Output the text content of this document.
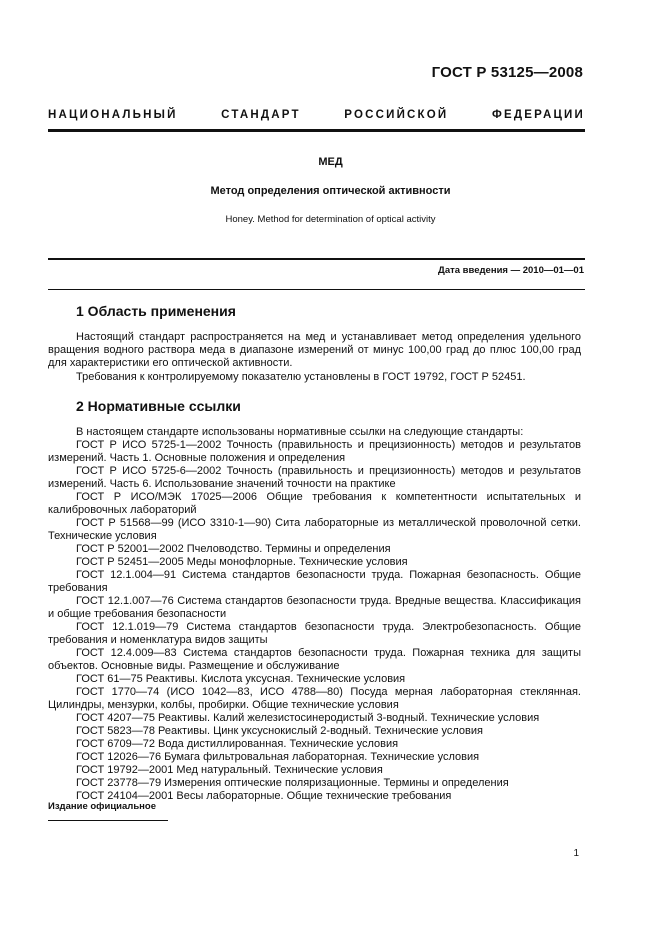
ГОСТ Р 53125—2008
НАЦИОНАЛЬНЫЙ СТАНДАРТ РОССИЙСКОЙ ФЕДЕРАЦИИ
МЕД
Метод определения оптической активности
Honey. Method for determination of optical activity
Дата введения — 2010—01—01
1 Область применения

Настоящий стандарт распространяется на мед и устанавливает метод определения удельного вращения водного раствора меда в диапазоне измерений от минус 100,00 град до плюс 100,00 град для характеристики его оптической активности.

Требования к контролируемому показателю установлены в ГОСТ 19792, ГОСТ Р 52451.

2 Нормативные ссылки

В настоящем стандарте использованы нормативные ссылки на следующие стандарты:

ГОСТ Р ИСО 5725-1—2002 Точность (правильность и прецизионность) методов и результатов измерений. Часть 1. Основные положения и определения
ГОСТ Р ИСО 5725-6—2002 Точность (правильность и прецизионность) методов и результатов измерений. Часть 6. Использование значений точности на практике
ГОСТ Р ИСО/МЭК 17025—2006 Общие требования к компетентности испытательных и калибровочных лабораторий
ГОСТ Р 51568—99 (ИСО 3310-1—90) Сита лабораторные из металлической проволочной сетки. Технические условия
ГОСТ Р 52001—2002 Пчеловодство. Термины и определения
ГОСТ Р 52451—2005 Меды монофлорные. Технические условия
ГОСТ 12.1.004—91 Система стандартов безопасности труда. Пожарная безопасность. Общие требования
ГОСТ 12.1.007—76 Система стандартов безопасности труда. Вредные вещества. Классификация и общие требования безопасности
ГОСТ 12.1.019—79 Система стандартов безопасности труда. Электробезопасность. Общие требования и номенклатура видов защиты
ГОСТ 12.4.009—83 Система стандартов безопасности труда. Пожарная техника для защиты объектов. Основные виды. Размещение и обслуживание
ГОСТ 61—75 Реактивы. Кислота уксусная. Технические условия
ГОСТ 1770—74 (ИСО 1042—83, ИСО 4788—80) Посуда мерная лабораторная стеклянная. Цилиндры, мензурки, колбы, пробирки. Общие технические условия
ГОСТ 4207—75 Реактивы. Калий железистосинеродистый 3-водный. Технические условия
ГОСТ 5823—78 Реактивы. Цинк уксуснокислый 2-водный. Технические условия
ГОСТ 6709—72 Вода дистиллированная. Технические условия
ГОСТ 12026—76 Бумага фильтровальная лабораторная. Технические условия
ГОСТ 19792—2001 Мед натуральный. Технические условия
ГОСТ 23778—79 Измерения оптические поляризационные. Термины и определения
ГОСТ 24104—2001 Весы лабораторные. Общие технические требования
Издание официальное
1
